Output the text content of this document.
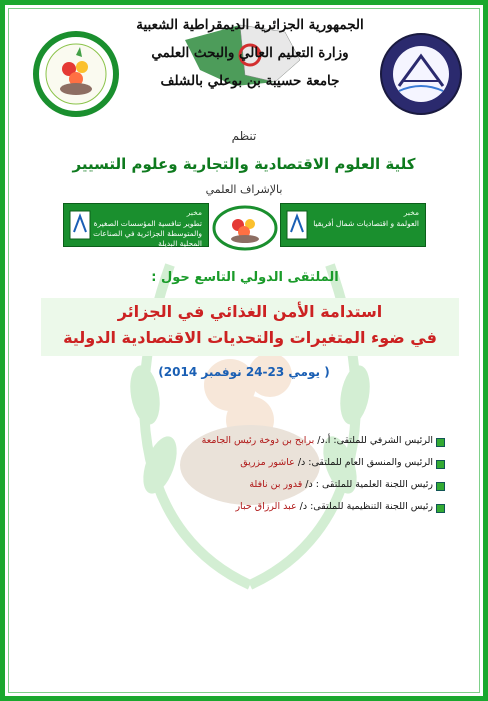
الجمهورية الجزائرية الديمقراطية الشعبية
وزارة التعليم العالي والبحث العلمي
جامعة حسيبة بن بوعلي بالشلف
تنظم
كلية العلوم الاقتصادية والتجارية وعلوم التسيير
بالإشراف العلمي
مخبر
تطوير تنافسية المؤسسات الصغيرة والمتوسطة الجزائرية في الصناعات المحلية البديلة
مخبر
العولمة و اقتصاديات شمال أفريقيا
الملتقى الدولي التاسع حول :
استدامة الأمن الغذائي في الجزائر
في ضوء المتغيرات والتحديات الاقتصادية الدولية
( يومي 23-24 نوفمبر 2014)
الرئيس الشرفي للملتقى: أ.د/ برابح بن دوخة رئيس الجامعة
الرئيس والمنسق العام للملتقى: د/ عاشور مزريق
رئيس اللجنة العلمية للملتقى : د/ قدور بن نافلة
رئيس اللجنة التنظيمية للملتقى: د/ عبد الرزاق حبار
